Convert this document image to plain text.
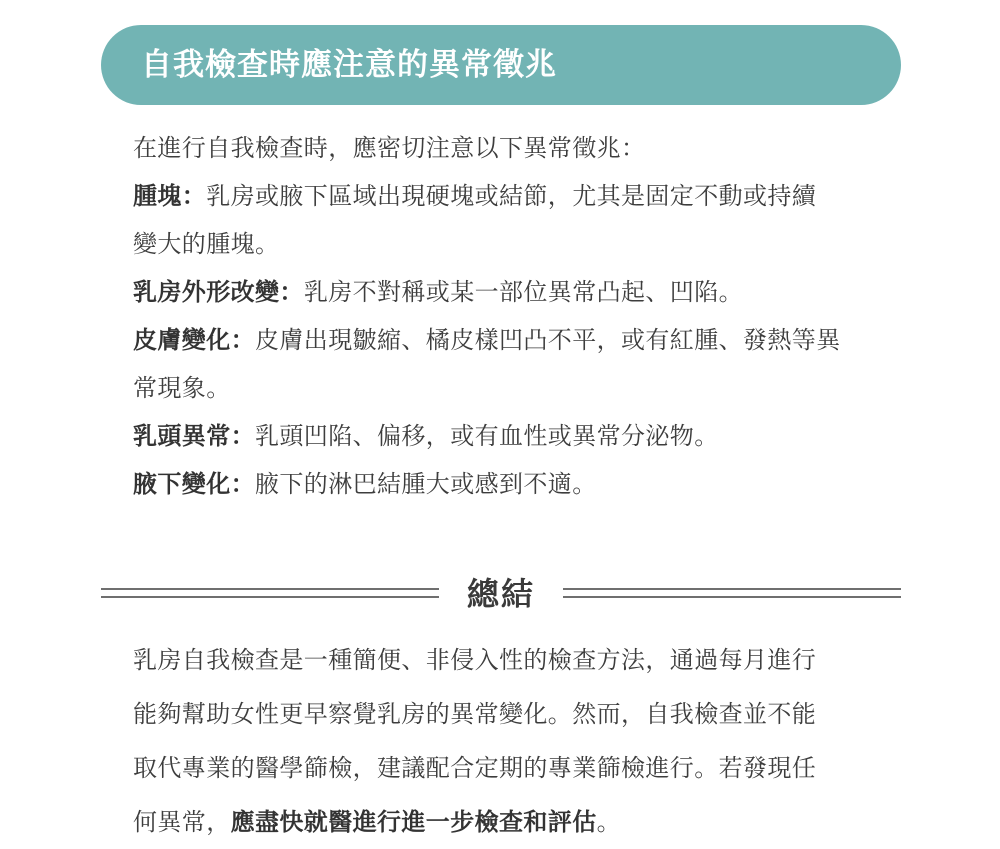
自我檢查時應注意的異常徵兆
在進行自我檢查時，應密切注意以下異常徵兆：
腫塊：乳房或腋下區域出現硬塊或結節，尤其是固定不動或持續
變大的腫塊。
乳房外形改變：乳房不對稱或某一部位異常凸起、凹陷。
皮膚變化：皮膚出現皺縮、橘皮樣凹凸不平，或有紅腫、發熱等異
常現象。
乳頭異常：乳頭凹陷、偏移，或有血性或異常分泌物。
腋下變化：腋下的淋巴結腫大或感到不適。
總結
乳房自我檢查是一種簡便、非侵入性的檢查方法，通過每月進行
能夠幫助女性更早察覺乳房的異常變化。然而，自我檢查並不能
取代專業的醫學篩檢，建議配合定期的專業篩檢進行。若發現任
何異常，應盡快就醫進行進一步檢查和評估。
